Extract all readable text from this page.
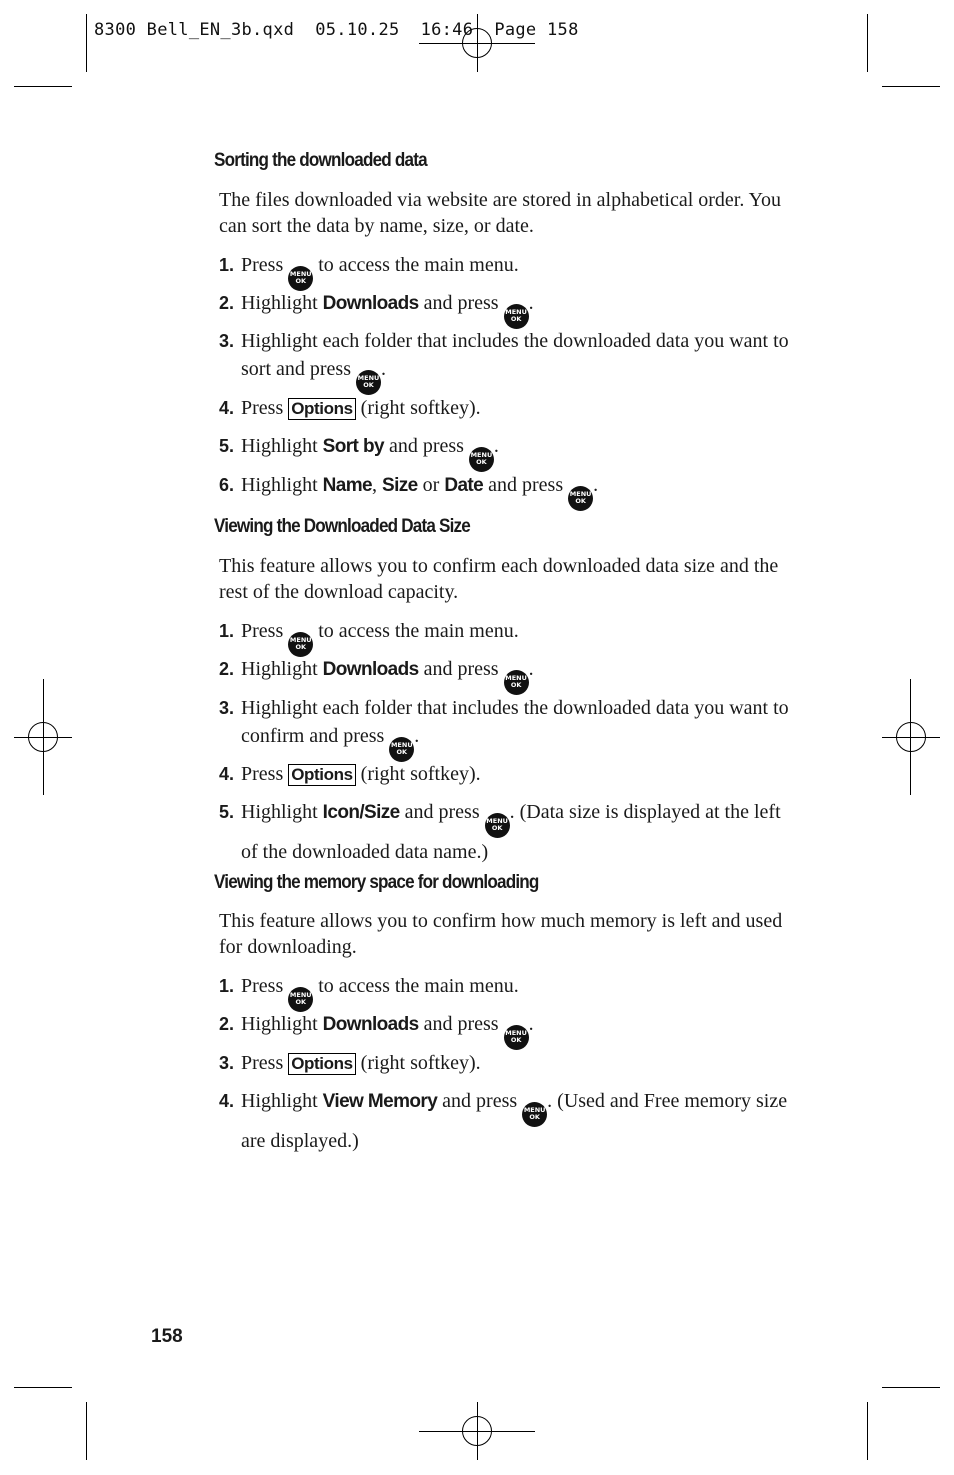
8300 Bell_EN_3b.qxd  05.10.25  16:46  Page 158
Sorting the downloaded data
The files downloaded via website are stored in alphabetical order. You can sort the data by name, size, or date.
1. Press MENU
OK
to access the main menu.
2. Highlight Downloads and press MENU
OK
.
3. Highlight each folder that includes the downloaded data you want to sort and press MENU
OK
.
4. Press Options (right softkey).
5. Highlight Sort by and press MENU
OK
.
6. Highlight Name, Size or Date and press MENU
OK
.
Viewing the Downloaded Data Size
This feature allows you to confirm each downloaded data size and the rest of the download capacity.
1. Press MENU
OK
to access the main menu.
2. Highlight Downloads and press MENU
OK
.
3. Highlight each folder that includes the downloaded data you want to confirm and press MENU
OK
.
4. Press Options (right softkey).
5. Highlight Icon/Size and press MENU
OK
. (Data size is displayed at the left of the downloaded data name.)
Viewing the memory space for downloading
This feature allows you to confirm how much memory is left and used for downloading.
1. Press MENU
OK
to access the main menu.
2. Highlight Downloads and press MENU
OK
.
3. Press Options (right softkey).
4. Highlight View Memory and press MENU
OK
. (Used and Free memory size are displayed.)
158
